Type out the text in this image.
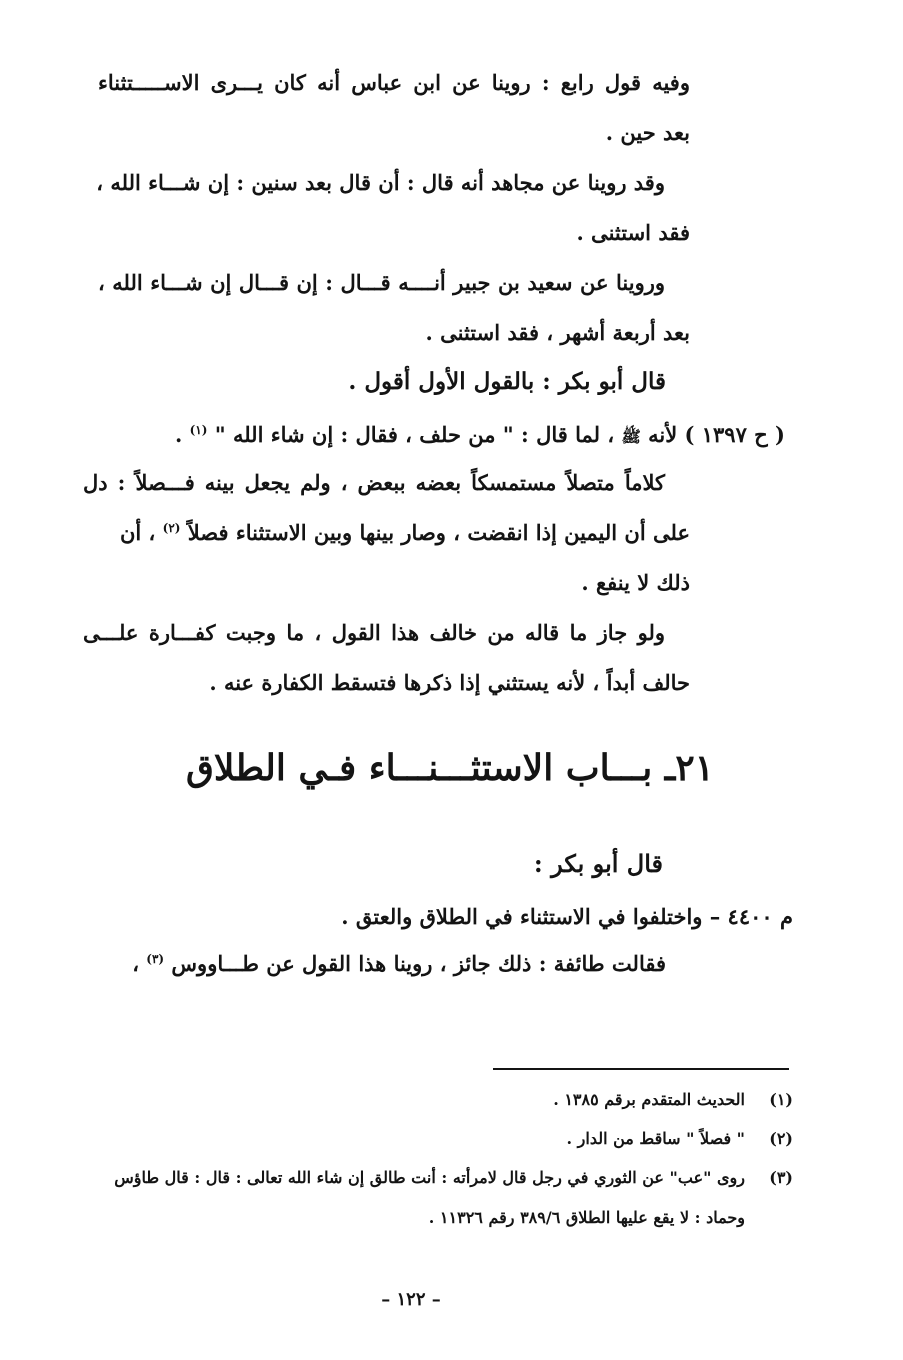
وفيه قول رابع : روينا عن ابن عباس أنه كان يـــرى الاســـــتثناء
بعد حين .
وقد روينا عن مجاهد أنه قال : أن قال بعد سنين : إن شـــاء الله ،
فقد استثنى .
وروينا عن سعيد بن جبير أنــــه قـــال : إن قـــال إن شـــاء الله ،
بعد أربعة أشهر ، فقد استثنى .
قال أبو بكر : بالقول الأول أقول .
( ح ١٣٩٧ ) لأنه ﷺ ، لما قال : " من حلف ، فقال : إن شاء الله " $^{(١)}$ .
كلاماً متصلاً مستمسكاً بعضه ببعض ، ولم يجعل بينه فـــصلاً : دل
على أن اليمين إذا انقضت ، وصار بينها وبين الاستثناء فصلاً $^{(٢)}$ ، أن
ذلك لا ينفع .
ولو جاز ما قاله من خالف هذا القول ، ما وجبت كفـــارة علـــى
حالف أبداً ، لأنه يستثني إذا ذكرها فتسقط الكفارة عنه .
٢١ـ بـــاب الاستثـــنـــاء فـي الطلاق
قال أبو بكر :
م ٤٤٠٠ – واختلفوا في الاستثناء في الطلاق والعتق .
فقالت طائفة : ذلك جائز ، روينا هذا القول عن طـــاووس $^{(٣)}$ ،
(١)
الحديث المتقدم برقم ١٣٨٥ .
(٢)
" فصلاً " ساقط من الدار .
(٣)
روى "عب" عن الثوري في رجل قال لامرأته : أنت طالق إن شاء الله تعالى : قال : قال طاؤس
وحماد : لا يقع عليها الطلاق ٣٨٩/٦ رقم ١١٣٢٦ .
– ١٢٢ –
